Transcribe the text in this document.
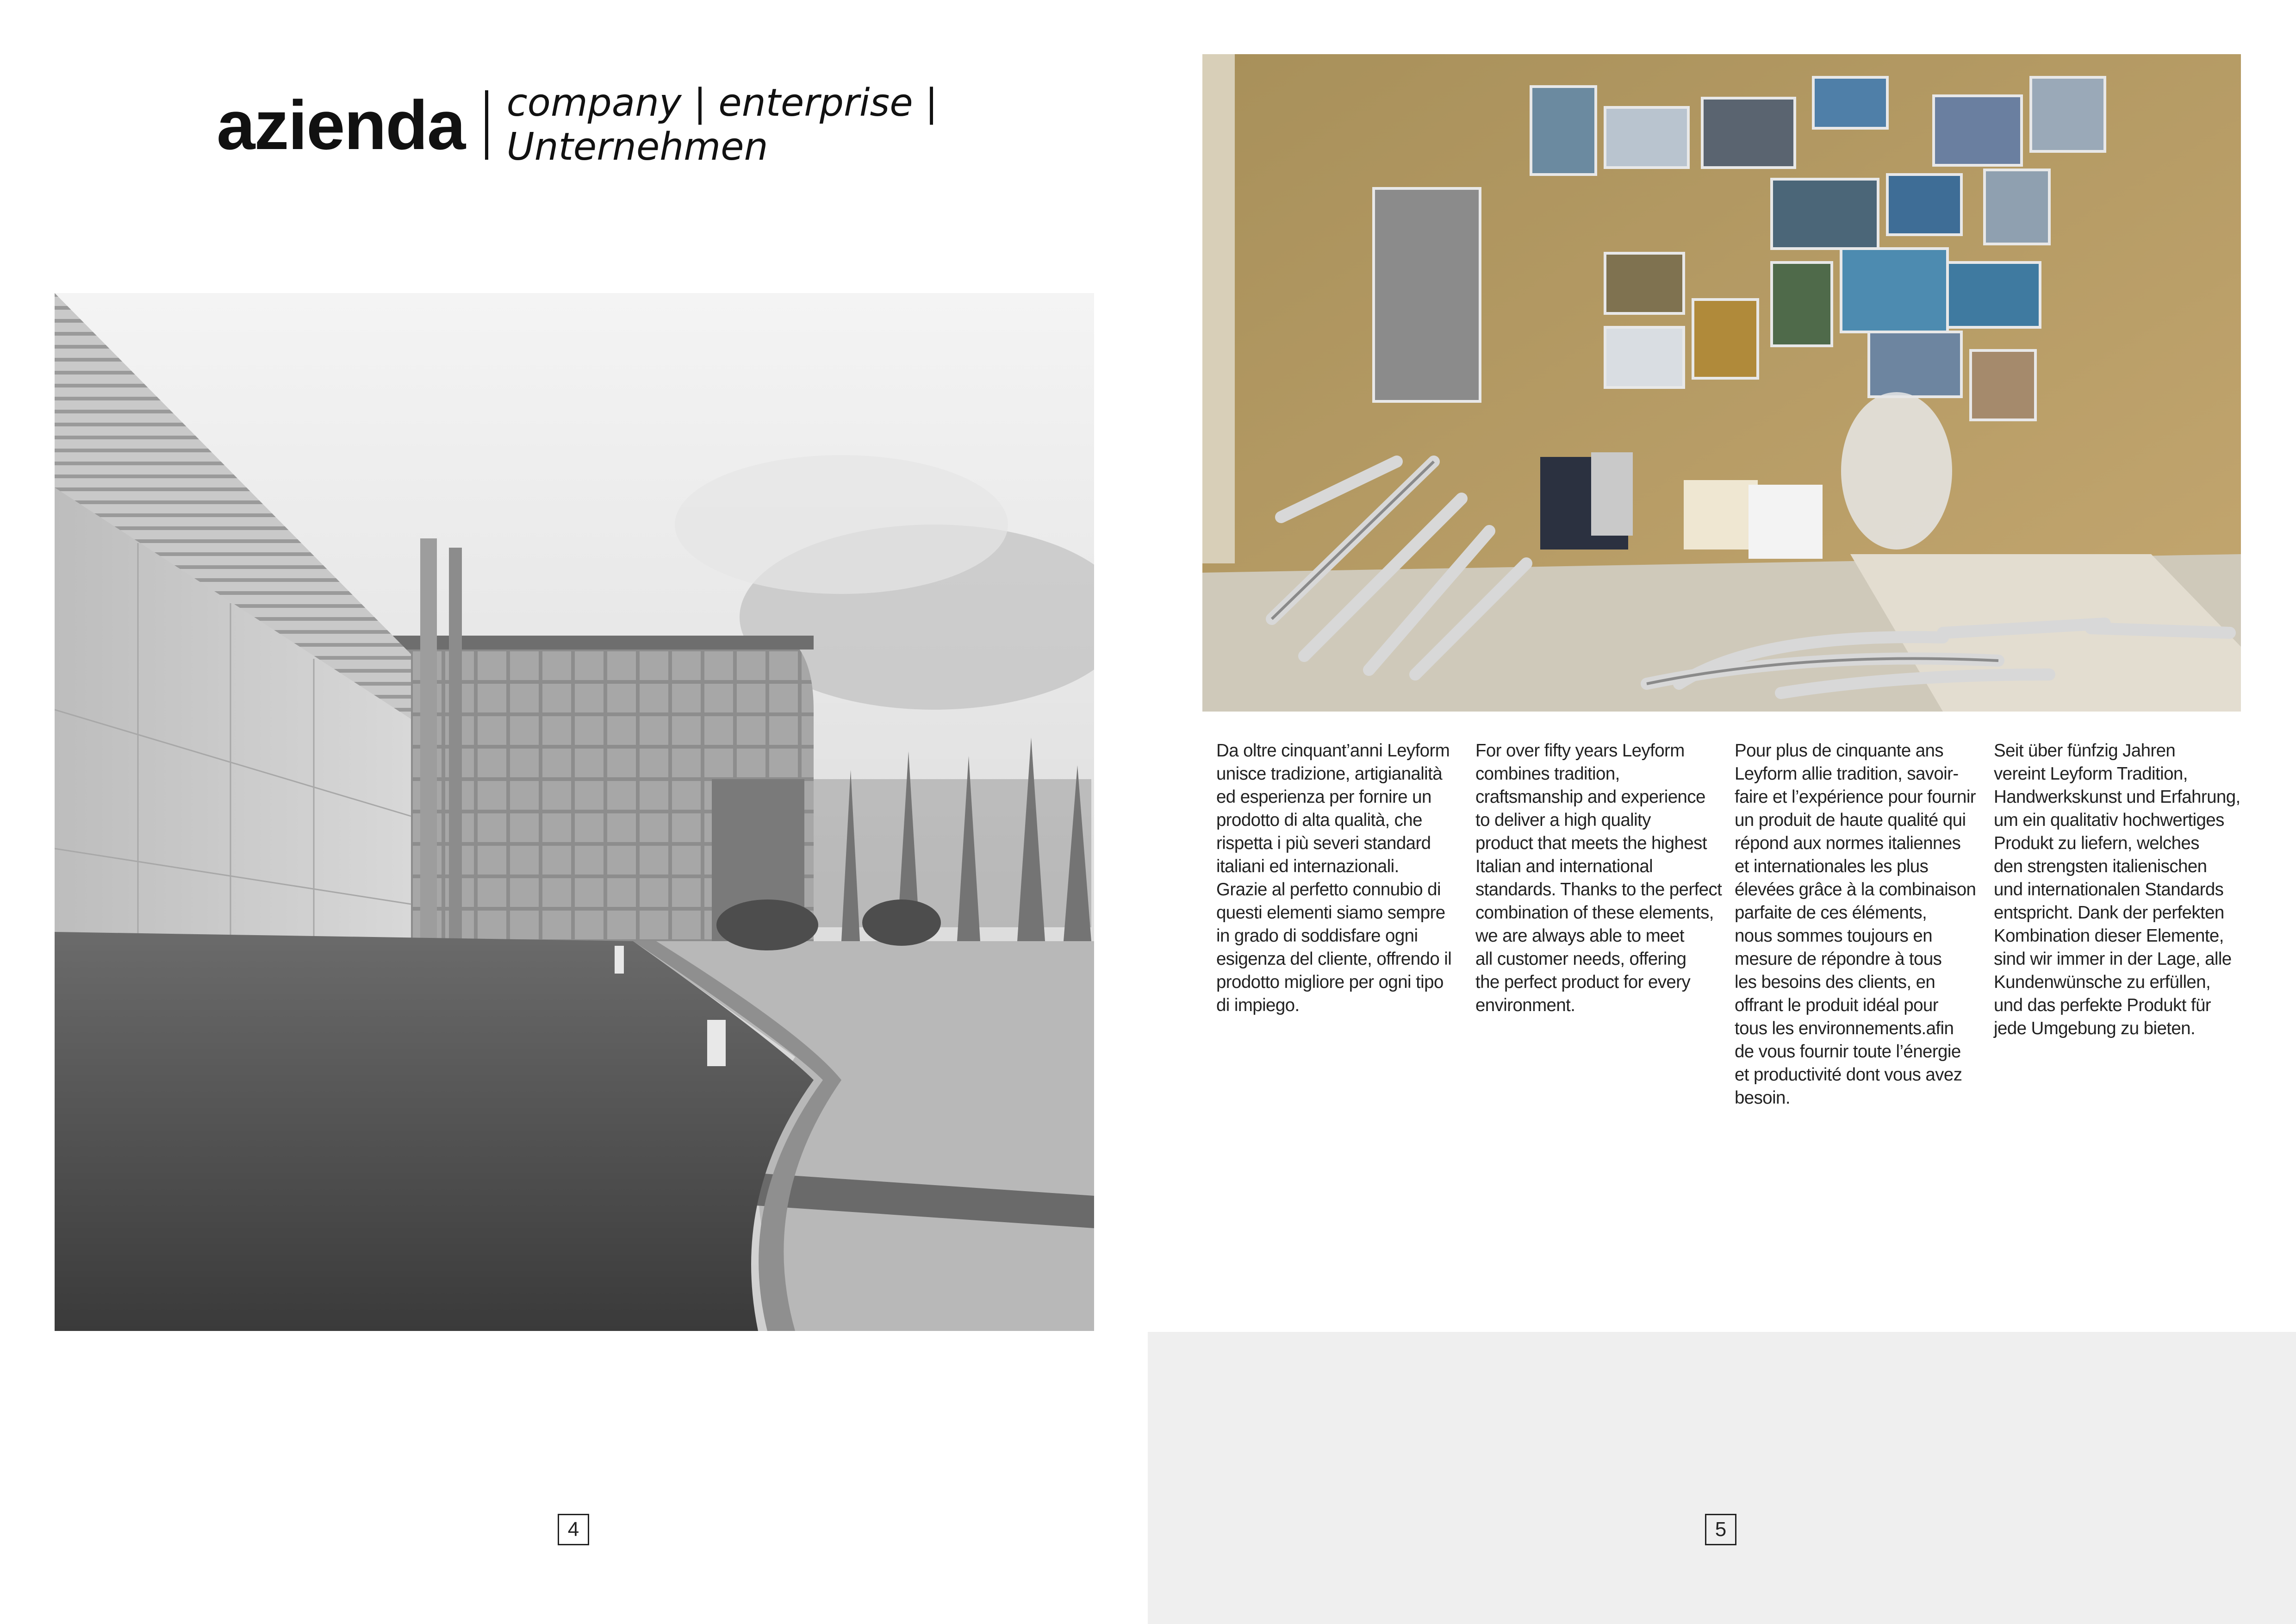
azienda company | enterprise | Unternehmen
4

Da oltre cinquant’anni Leyform
unisce tradizione, artigianalità
ed esperienza per fornire un
prodotto di alta qualità, che
rispetta i più severi standard
italiani ed internazionali.
Grazie al perfetto connubio di
questi elementi siamo sempre
in grado di soddisfare ogni
esigenza del cliente, offrendo il
prodotto migliore per ogni tipo
di impiego.

For over fifty years Leyform
combines tradition,
craftsmanship and experience
to deliver a high quality
product that meets the highest
Italian and international
standards. Thanks to the perfect
combination of these elements,
we are always able to meet
all customer needs, offering
the perfect product for every
environment.

Pour plus de cinquante ans
Leyform allie tradition, savoir-
faire et l’expérience pour fournir
un produit de haute qualité qui
répond aux normes italiennes
et internationales les plus
élevées grâce à la combinaison
parfaite de ces éléments,
nous sommes toujours en
mesure de répondre à tous
les besoins des clients, en
offrant le produit idéal pour
tous les environnements.afin
de vous fournir toute l’énergie
et productivité dont vous avez
besoin.

Seit über fünfzig Jahren
vereint Leyform Tradition,
Handwerkskunst und Erfahrung,
um ein qualitativ hochwertiges
Produkt zu liefern, welches
den strengsten italienischen
und internationalen Standards
entspricht. Dank der perfekten
Kombination dieser Elemente,
sind wir immer in der Lage, alle
Kundenwünsche zu erfüllen,
und das perfekte Produkt für
jede Umgebung zu bieten.

5
